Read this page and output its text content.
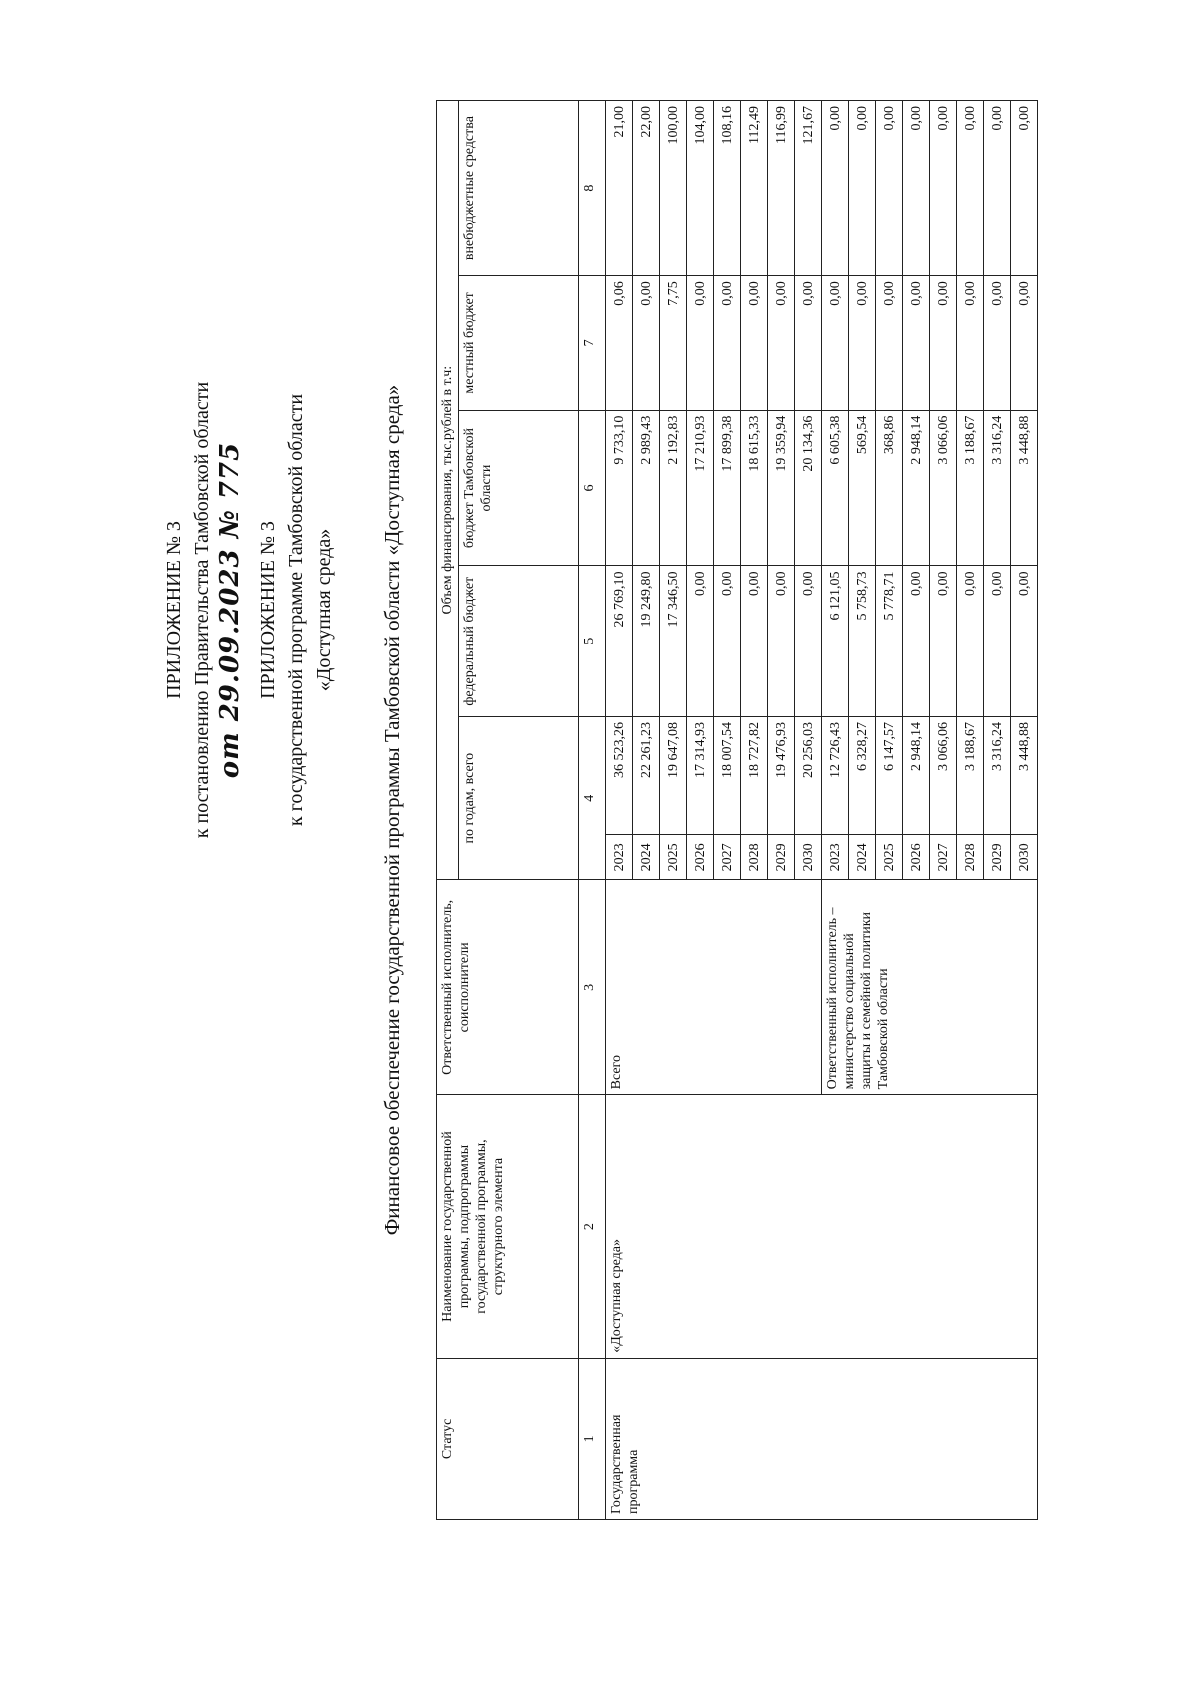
ПРИЛОЖЕНИЕ № 3 к постановлению Правительства Тамбовской области от 29.09.2023 № 775 ПРИЛОЖЕНИЕ № 3 к государственной программе Тамбовской области «Доступная среда» Финансовое обеспечение государственной программы Тамбовской области «Доступная среда»
Статус	Наименование государственной программы, подпрограммы государственной программы, структурного элемента	Ответственный исполнитель, соисполнители	Объем финансирования, тыс.рублей в т.ч:					
			по годам, всего		федеральный бюджет	бюджет Тамбовской области	местный бюджет	внебюджетные средства
1	2	3	4		5	6	7	8
Государственная программа	«Доступная среда»	Всего	2023	36 523,26	26 769,10	9 733,10	0,06	21,00
			2024	22 261,23	19 249,80	2 989,43	0,00	22,00
			2025	19 647,08	17 346,50	2 192,83	7,75	100,00
			2026	17 314,93	0,00	17 210,93	0,00	104,00
			2027	18 007,54	0,00	17 899,38	0,00	108,16
			2028	18 727,82	0,00	18 615,33	0,00	112,49
			2029	19 476,93	0,00	19 359,94	0,00	116,99
			2030	20 256,03	0,00	20 134,36	0,00	121,67
		Ответственный исполнитель – министерство социальной защиты и семейной политики Тамбовской области	2023	12 726,43	6 121,05	6 605,38	0,00	0,00
			2024	6 328,27	5 758,73	569,54	0,00	0,00
			2025	6 147,57	5 778,71	368,86	0,00	0,00
			2026	2 948,14	0,00	2 948,14	0,00	0,00
			2027	3 066,06	0,00	3 066,06	0,00	0,00
			2028	3 188,67	0,00	3 188,67	0,00	0,00
			2029	3 316,24	0,00	3 316,24	0,00	0,00
			2030	3 448,88	0,00	3 448,88	0,00	0,00
